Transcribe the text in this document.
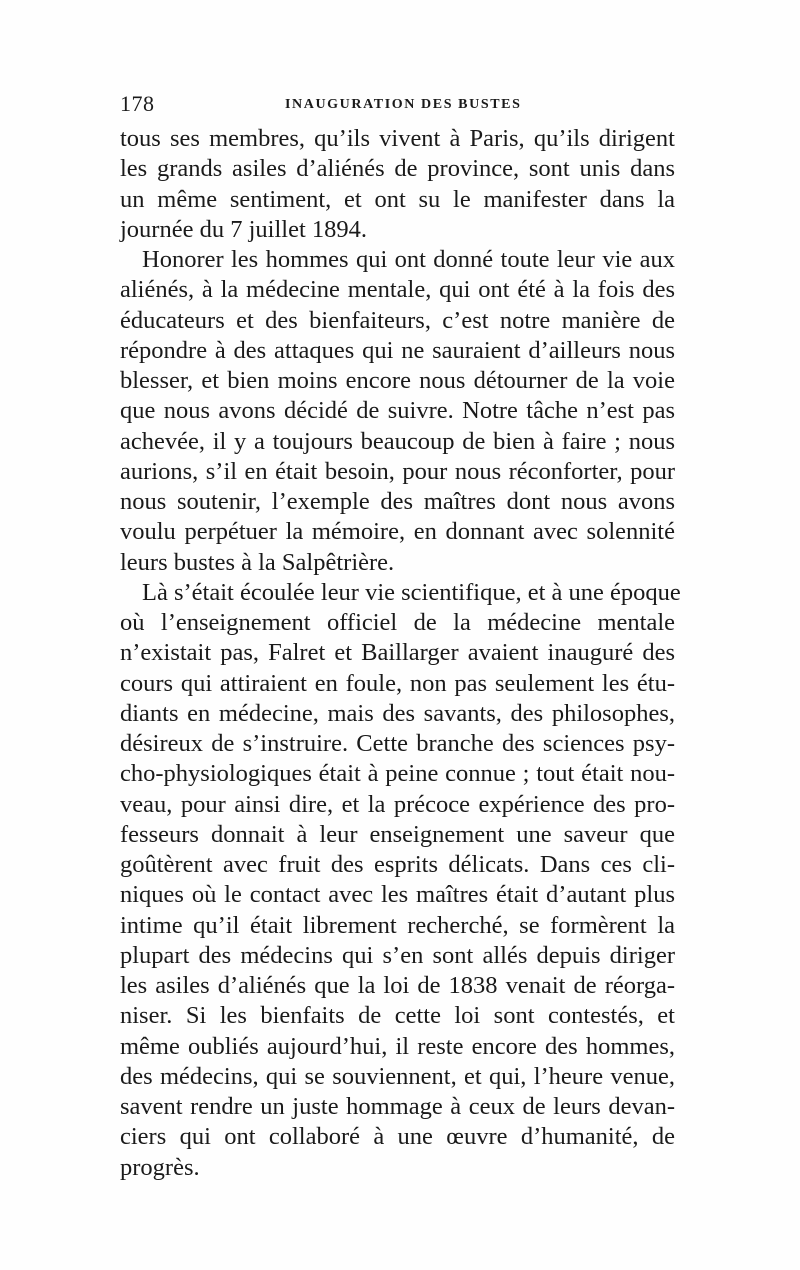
178	INAUGURATION DES BUSTES
tous ses membres, qu’ils vivent à Paris, qu’ils dirigent
les grands asiles d’aliénés de province, sont unis dans
un même sentiment, et ont su le manifester dans la
journée du 7 juillet 1894.
Honorer les hommes qui ont donné toute leur vie aux
aliénés, à la médecine mentale, qui ont été à la fois des
éducateurs et des bienfaiteurs, c’est notre manière de
répondre à des attaques qui ne sauraient d’ailleurs nous
blesser, et bien moins encore nous détourner de la voie
que nous avons décidé de suivre. Notre tâche n’est pas
achevée, il y a toujours beaucoup de bien à faire ; nous
aurions, s’il en était besoin, pour nous réconforter, pour
nous soutenir, l’exemple des maîtres dont nous avons
voulu perpétuer la mémoire, en donnant avec solennité
leurs bustes à la Salpêtrière.
Là s’était écoulée leur vie scientifique, et à une époque
où l’enseignement officiel de la médecine mentale
n’existait pas, Falret et Baillarger avaient inauguré des
cours qui attiraient en foule, non pas seulement les étu-
diants en médecine, mais des savants, des philosophes,
désireux de s’instruire. Cette branche des sciences psy-
cho-physiologiques était à peine connue ; tout était nou-
veau, pour ainsi dire, et la précoce expérience des pro-
fesseurs donnait à leur enseignement une saveur que
goûtèrent avec fruit des esprits délicats. Dans ces cli-
niques où le contact avec les maîtres était d’autant plus
intime qu’il était librement recherché, se formèrent la
plupart des médecins qui s’en sont allés depuis diriger
les asiles d’aliénés que la loi de 1838 venait de réorga-
niser. Si les bienfaits de cette loi sont contestés, et
même oubliés aujourd’hui, il reste encore des hommes,
des médecins, qui se souviennent, et qui, l’heure venue,
savent rendre un juste hommage à ceux de leurs devan-
ciers qui ont collaboré à une œuvre d’humanité, de
progrès.
